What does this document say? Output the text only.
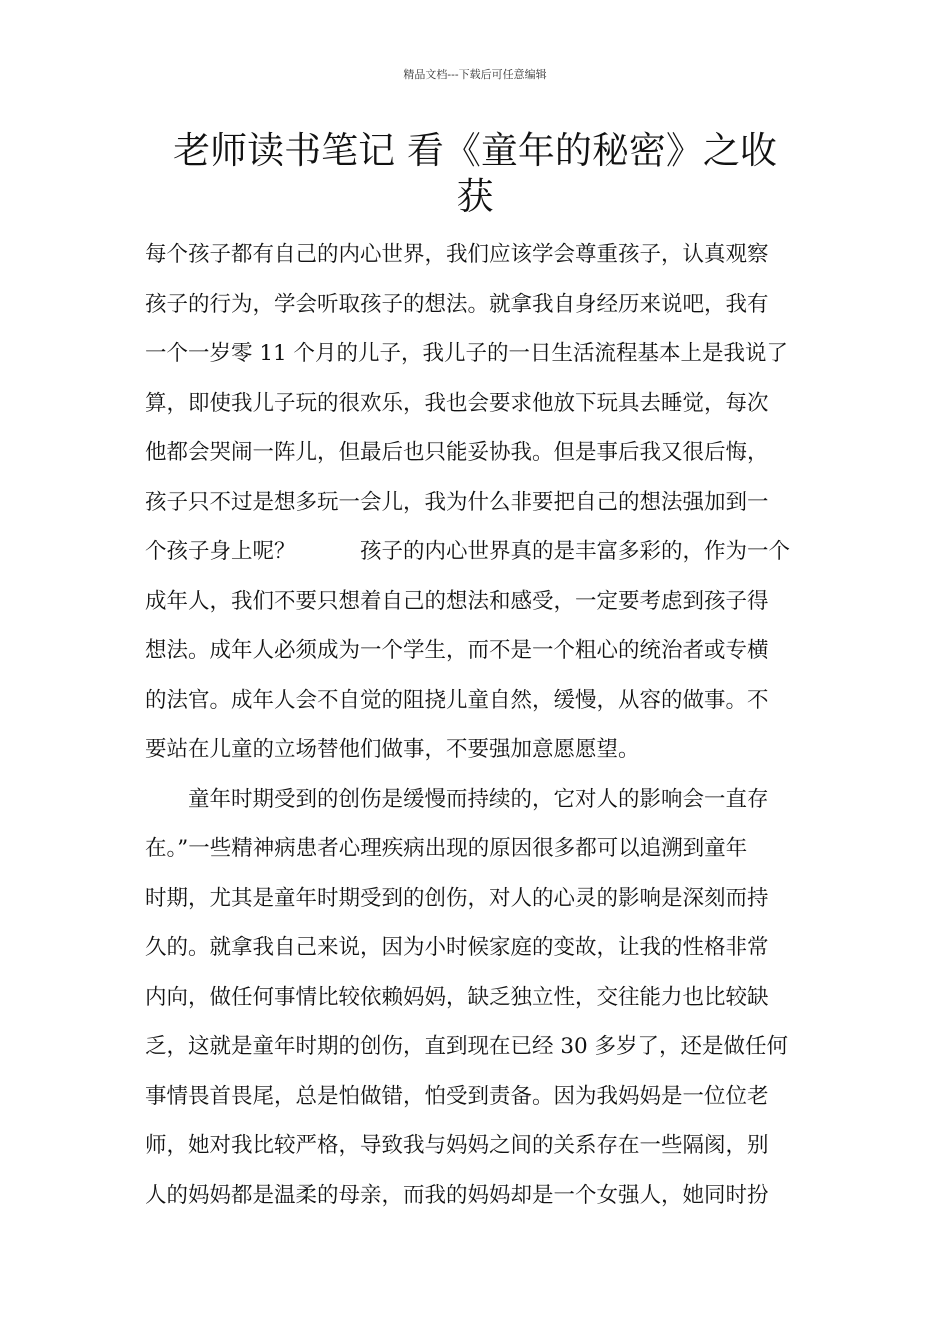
精品文档---下载后可任意编辑
老师读书笔记 看《童年的秘密》之收
获
每个孩子都有自己的内心世界，我们应该学会尊重孩子，认真观察
孩子的行为，学会听取孩子的想法。就拿我自身经历来说吧，我有
一个一岁零 11 个月的儿子，我儿子的一日生活流程基本上是我说了
算，即使我儿子玩的很欢乐，我也会要求他放下玩具去睡觉，每次
他都会哭闹一阵儿，但最后也只能妥协我。但是事后我又很后悔，
孩子只不过是想多玩一会儿，我为什么非要把自己的想法强加到一
个孩子身上呢？　　　孩子的内心世界真的是丰富多彩的，作为一个
成年人，我们不要只想着自己的想法和感受，一定要考虑到孩子得
想法。成年人必须成为一个学生，而不是一个粗心的统治者或专横
的法官。成年人会不自觉的阻挠儿童自然，缓慢，从容的做事。不
要站在儿童的立场替他们做事，不要强加意愿愿望。
　　童年时期受到的创伤是缓慢而持续的，它对人的影响会一直存
在。”一些精神病患者心理疾病出现的原因很多都可以追溯到童年
时期，尤其是童年时期受到的创伤，对人的心灵的影响是深刻而持
久的。就拿我自己来说，因为小时候家庭的变故，让我的性格非常
内向，做任何事情比较依赖妈妈，缺乏独立性，交往能力也比较缺
乏，这就是童年时期的创伤，直到现在已经 30 多岁了，还是做任何
事情畏首畏尾，总是怕做错，怕受到责备。因为我妈妈是一位位老
师，她对我比较严格，导致我与妈妈之间的关系存在一些隔阂，别
人的妈妈都是温柔的母亲，而我的妈妈却是一个女强人，她同时扮
